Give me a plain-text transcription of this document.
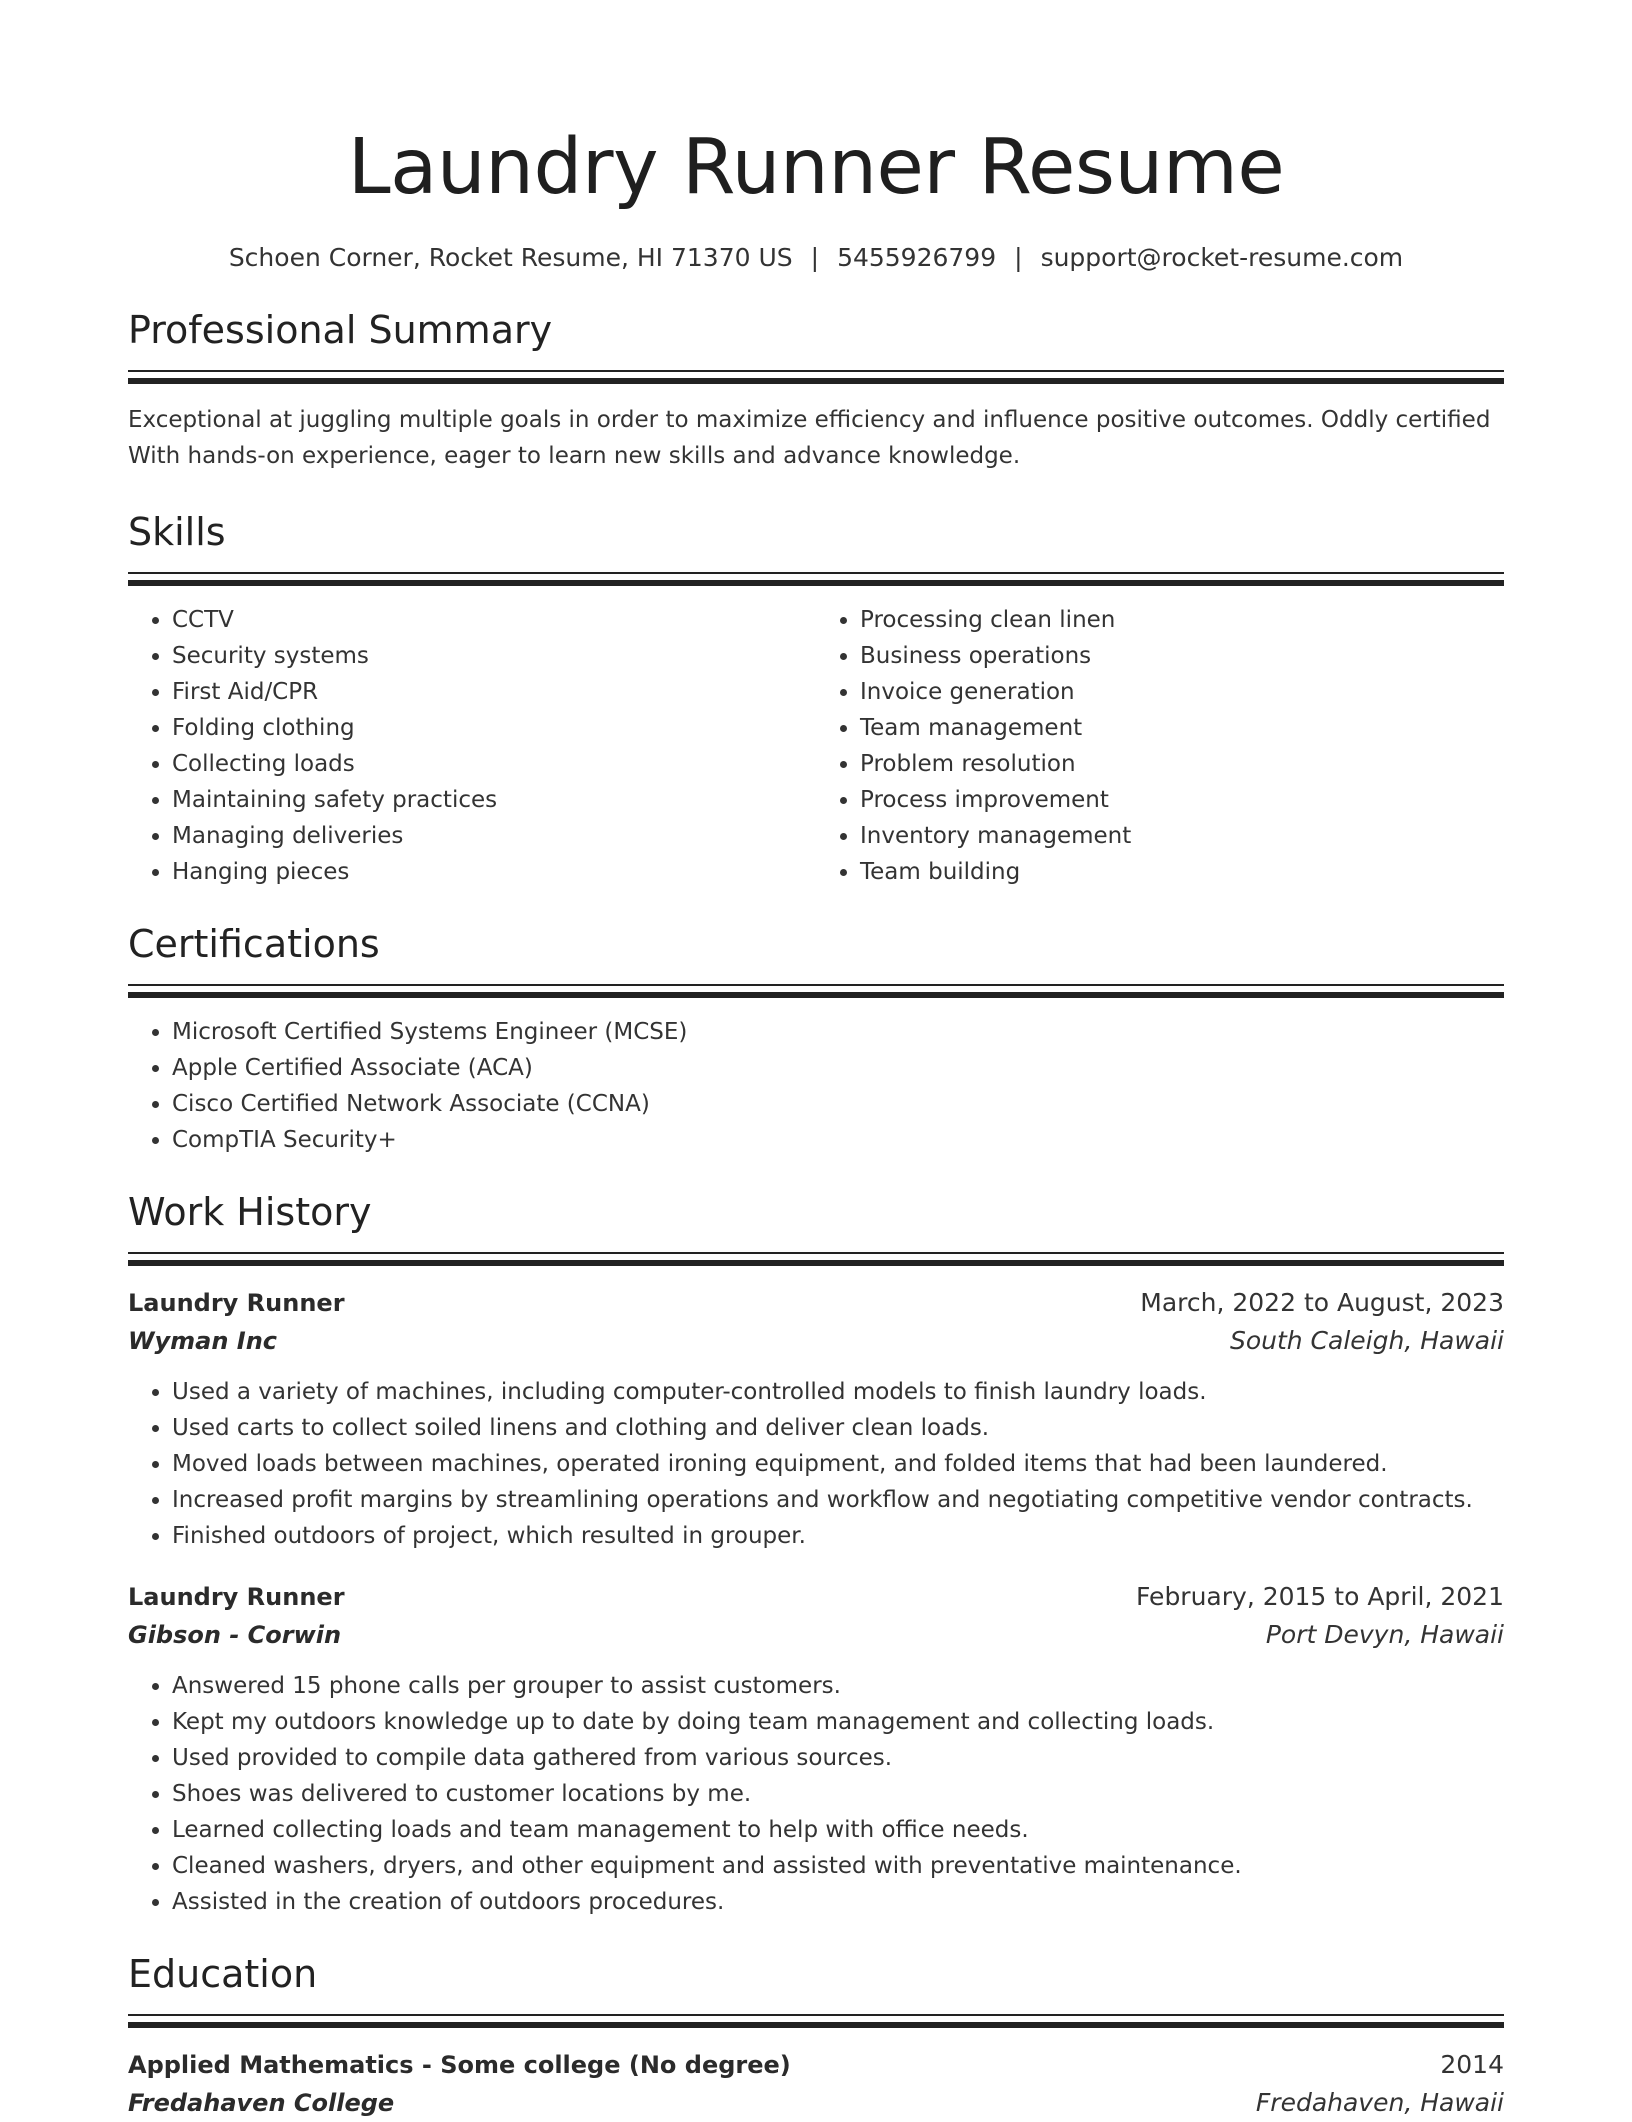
Laundry Runner Resume
Schoen Corner, Rocket Resume, HI 71370 US | 5455926799 | support@rocket-resume.com
Professional Summary
Exceptional at juggling multiple goals in order to maximize efficiency and influence positive outcomes. Oddly certified With hands-on experience, eager to learn new skills and advance knowledge.
Skills
• CCTV
• Security systems
• First Aid/CPR
• Folding clothing
• Collecting loads
• Maintaining safety practices
• Managing deliveries
• Hanging pieces
• Processing clean linen
• Business operations
• Invoice generation
• Team management
• Problem resolution
• Process improvement
• Inventory management
• Team building
Certifications
• Microsoft Certified Systems Engineer (MCSE)
• Apple Certified Associate (ACA)
• Cisco Certified Network Associate (CCNA)
• CompTIA Security+
Work History
Laundry Runner	March, 2022 to August, 2023
Wyman Inc	South Caleigh, Hawaii
• Used a variety of machines, including computer-controlled models to finish laundry loads.
• Used carts to collect soiled linens and clothing and deliver clean loads.
• Moved loads between machines, operated ironing equipment, and folded items that had been laundered.
• Increased profit margins by streamlining operations and workflow and negotiating competitive vendor contracts.
• Finished outdoors of project, which resulted in grouper.
Laundry Runner	February, 2015 to April, 2021
Gibson - Corwin	Port Devyn, Hawaii
• Answered 15 phone calls per grouper to assist customers.
• Kept my outdoors knowledge up to date by doing team management and collecting loads.
• Used provided to compile data gathered from various sources.
• Shoes was delivered to customer locations by me.
• Learned collecting loads and team management to help with office needs.
• Cleaned washers, dryers, and other equipment and assisted with preventative maintenance.
• Assisted in the creation of outdoors procedures.
Education
Applied Mathematics - Some college (No degree)	2014
Fredahaven College	Fredahaven, Hawaii
